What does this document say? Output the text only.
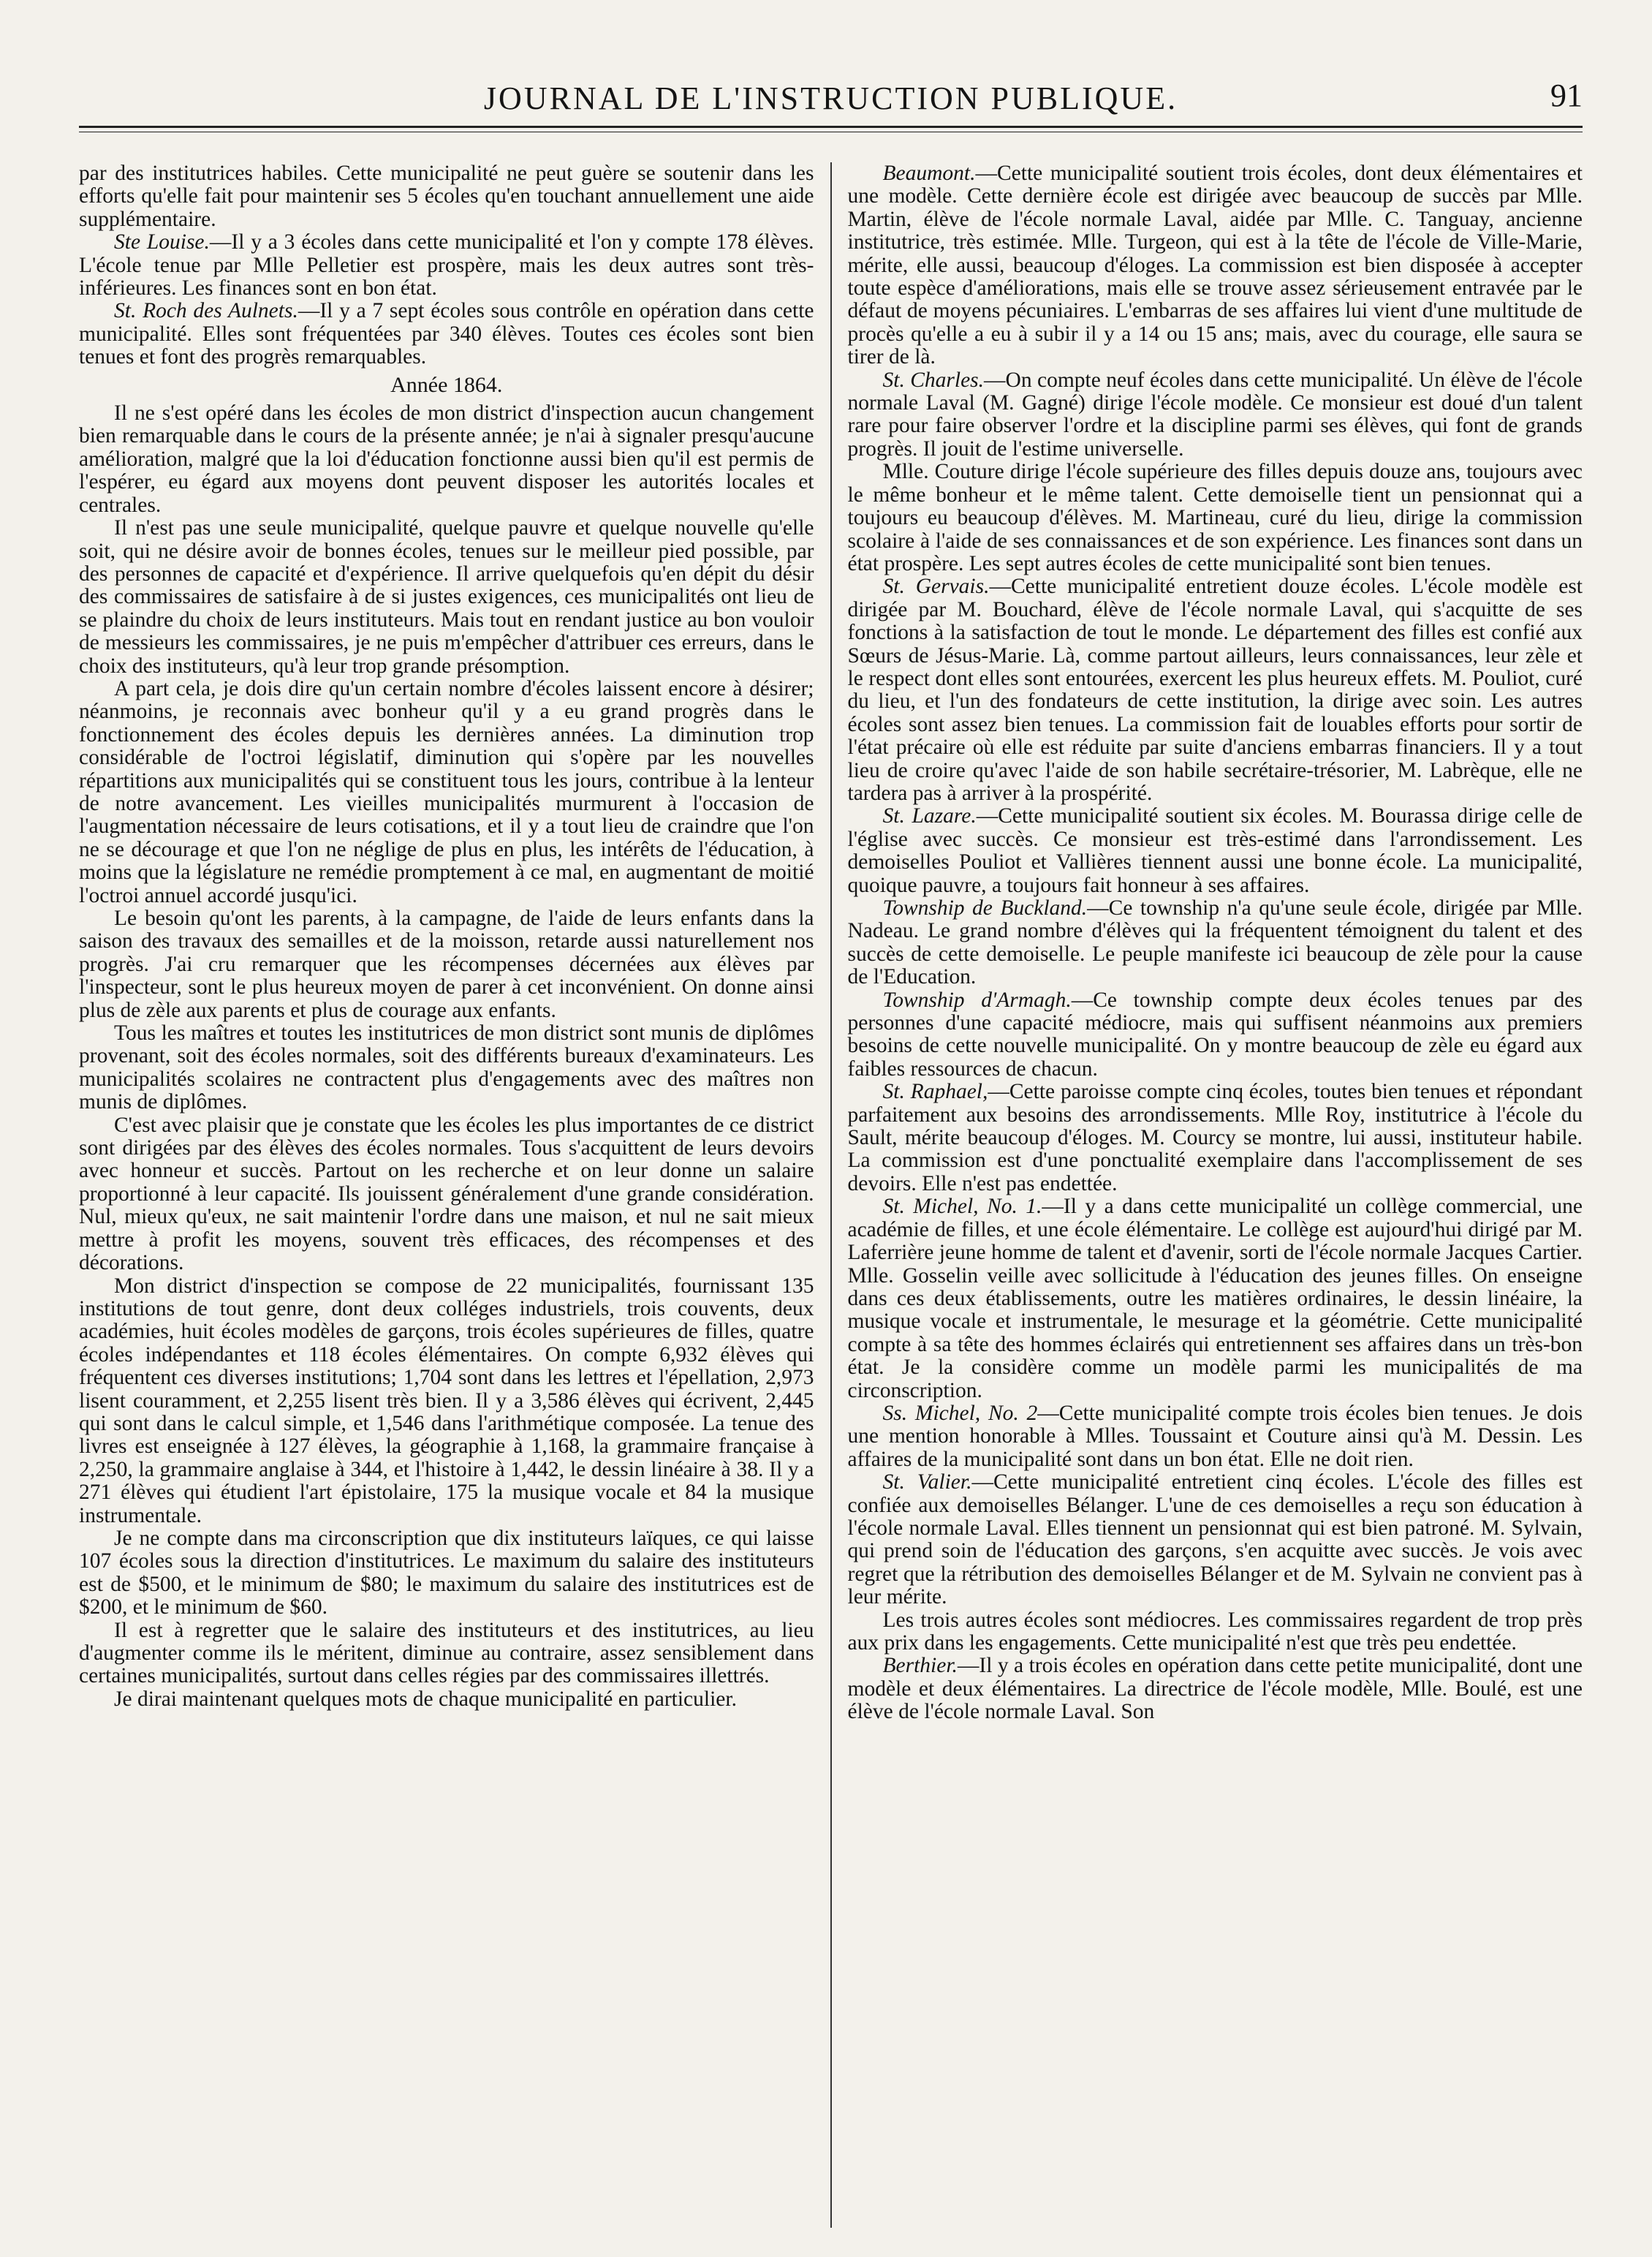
JOURNAL DE L'INSTRUCTION PUBLIQUE.	91

par des institutrices habiles. Cette municipalité ne peut guère se soutenir dans les efforts qu'elle fait pour maintenir ses 5 écoles qu'en touchant annuellement une aide supplémentaire.

Ste Louise.—Il y a 3 écoles dans cette municipalité et l'on y compte 178 élèves. L'école tenue par Mlle Pelletier est prospère, mais les deux autres sont très-inférieures. Les finances sont en bon état.

St. Roch des Aulnets.—Il y a 7 sept écoles sous contrôle en opération dans cette municipalité. Elles sont fréquentées par 340 élèves. Toutes ces écoles sont bien tenues et font des progrès remarquables.

Année 1864.

Il ne s'est opéré dans les écoles de mon district d'inspection aucun changement bien remarquable dans le cours de la présente année; je n'ai à signaler presqu'aucune amélioration, malgré que la loi d'éducation fonctionne aussi bien qu'il est permis de l'espérer, eu égard aux moyens dont peuvent disposer les autorités locales et centrales.

Il n'est pas une seule municipalité, quelque pauvre et quelque nouvelle qu'elle soit, qui ne désire avoir de bonnes écoles, tenues sur le meilleur pied possible, par des personnes de capacité et d'expérience. Il arrive quelquefois qu'en dépit du désir des commissaires de satisfaire à de si justes exigences, ces municipalités ont lieu de se plaindre du choix de leurs instituteurs. Mais tout en rendant justice au bon vouloir de messieurs les commissaires, je ne puis m'empêcher d'attribuer ces erreurs, dans le choix des instituteurs, qu'à leur trop grande présomption.

A part cela, je dois dire qu'un certain nombre d'écoles laissent encore à désirer; néanmoins, je reconnais avec bonheur qu'il y a eu grand progrès dans le fonctionnement des écoles depuis les dernières années. La diminution trop considérable de l'octroi législatif, diminution qui s'opère par les nouvelles répartitions aux municipalités qui se constituent tous les jours, contribue à la lenteur de notre avancement. Les vieilles municipalités murmurent à l'occasion de l'augmentation nécessaire de leurs cotisations, et il y a tout lieu de craindre que l'on ne se décourage et que l'on ne néglige de plus en plus, les intérêts de l'éducation, à moins que la législature ne remédie promptement à ce mal, en augmentant de moitié l'octroi annuel accordé jusqu'ici.

Le besoin qu'ont les parents, à la campagne, de l'aide de leurs enfants dans la saison des travaux des semailles et de la moisson, retarde aussi naturellement nos progrès. J'ai cru remarquer que les récompenses décernées aux élèves par l'inspecteur, sont le plus heureux moyen de parer à cet inconvénient. On donne ainsi plus de zèle aux parents et plus de courage aux enfants.

Tous les maîtres et toutes les institutrices de mon district sont munis de diplômes provenant, soit des écoles normales, soit des différents bureaux d'examinateurs. Les municipalités scolaires ne contractent plus d'engagements avec des maîtres non munis de diplômes.

C'est avec plaisir que je constate que les écoles les plus importantes de ce district sont dirigées par des élèves des écoles normales. Tous s'acquittent de leurs devoirs avec honneur et succès. Partout on les recherche et on leur donne un salaire proportionné à leur capacité. Ils jouissent généralement d'une grande considération. Nul, mieux qu'eux, ne sait maintenir l'ordre dans une maison, et nul ne sait mieux mettre à profit les moyens, souvent très efficaces, des récompenses et des décorations.

Mon district d'inspection se compose de 22 municipalités, fournissant 135 institutions de tout genre, dont deux colléges industriels, trois couvents, deux académies, huit écoles modèles de garçons, trois écoles supérieures de filles, quatre écoles indépendantes et 118 écoles élémentaires. On compte 6,932 élèves qui fréquentent ces diverses institutions; 1,704 sont dans les lettres et l'épellation, 2,973 lisent couramment, et 2,255 lisent très bien. Il y a 3,586 élèves qui écrivent, 2,445 qui sont dans le calcul simple, et 1,546 dans l'arithmétique composée. La tenue des livres est enseignée à 127 élèves, la géographie à 1,168, la grammaire française à 2,250, la grammaire anglaise à 344, et l'histoire à 1,442, le dessin linéaire à 38. Il y a 271 élèves qui étudient l'art épistolaire, 175 la musique vocale et 84 la musique instrumentale.

Je ne compte dans ma circonscription que dix instituteurs laïques, ce qui laisse 107 écoles sous la direction d'institutrices. Le maximum du salaire des instituteurs est de $500, et le minimum de $80; le maximum du salaire des institutrices est de $200, et le minimum de $60.

Il est à regretter que le salaire des instituteurs et des institutrices, au lieu d'augmenter comme ils le méritent, diminue au contraire, assez sensiblement dans certaines municipalités, surtout dans celles régies par des commissaires illettrés.

Je dirai maintenant quelques mots de chaque municipalité en particulier.

Beaumont.—Cette municipalité soutient trois écoles, dont deux élémentaires et une modèle. Cette dernière école est dirigée avec beaucoup de succès par Mlle. Martin, élève de l'école normale Laval, aidée par Mlle. C. Tanguay, ancienne institutrice, très estimée. Mlle. Turgeon, qui est à la tête de l'école de Ville-Marie, mérite, elle aussi, beaucoup d'éloges. La commission est bien disposée à accepter toute espèce d'améliorations, mais elle se trouve assez sérieusement entravée par le défaut de moyens pécuniaires. L'embarras de ses affaires lui vient d'une multitude de procès qu'elle a eu à subir il y a 14 ou 15 ans; mais, avec du courage, elle saura se tirer de là.

St. Charles.—On compte neuf écoles dans cette municipalité. Un élève de l'école normale Laval (M. Gagné) dirige l'école modèle. Ce monsieur est doué d'un talent rare pour faire observer l'ordre et la discipline parmi ses élèves, qui font de grands progrès. Il jouit de l'estime universelle.

Mlle. Couture dirige l'école supérieure des filles depuis douze ans, toujours avec le même bonheur et le même talent. Cette demoiselle tient un pensionnat qui a toujours eu beaucoup d'élèves. M. Martineau, curé du lieu, dirige la commission scolaire à l'aide de ses connaissances et de son expérience. Les finances sont dans un état prospère. Les sept autres écoles de cette municipalité sont bien tenues.

St. Gervais.—Cette municipalité entretient douze écoles. L'école modèle est dirigée par M. Bouchard, élève de l'école normale Laval, qui s'acquitte de ses fonctions à la satisfaction de tout le monde. Le département des filles est confié aux Sœurs de Jésus-Marie. Là, comme partout ailleurs, leurs connaissances, leur zèle et le respect dont elles sont entourées, exercent les plus heureux effets. M. Pouliot, curé du lieu, et l'un des fondateurs de cette institution, la dirige avec soin. Les autres écoles sont assez bien tenues. La commission fait de louables efforts pour sortir de l'état précaire où elle est réduite par suite d'anciens embarras financiers. Il y a tout lieu de croire qu'avec l'aide de son habile secrétaire-trésorier, M. Labrèque, elle ne tardera pas à arriver à la prospérité.

St. Lazare.—Cette municipalité soutient six écoles. M. Bourassa dirige celle de l'église avec succès. Ce monsieur est très-estimé dans l'arrondissement. Les demoiselles Pouliot et Vallières tiennent aussi une bonne école. La municipalité, quoique pauvre, a toujours fait honneur à ses affaires.

Township de Buckland.—Ce township n'a qu'une seule école, dirigée par Mlle. Nadeau. Le grand nombre d'élèves qui la fréquentent témoignent du talent et des succès de cette demoiselle. Le peuple manifeste ici beaucoup de zèle pour la cause de l'Education.

Township d'Armagh.—Ce township compte deux écoles tenues par des personnes d'une capacité médiocre, mais qui suffisent néanmoins aux premiers besoins de cette nouvelle municipalité. On y montre beaucoup de zèle eu égard aux faibles ressources de chacun.

St. Raphael,—Cette paroisse compte cinq écoles, toutes bien tenues et répondant parfaitement aux besoins des arrondissements. Mlle Roy, institutrice à l'école du Sault, mérite beaucoup d'éloges. M. Courcy se montre, lui aussi, instituteur habile. La commission est d'une ponctualité exemplaire dans l'accomplissement de ses devoirs. Elle n'est pas endettée.

St. Michel, No. 1.—Il y a dans cette municipalité un collège commercial, une académie de filles, et une école élémentaire. Le collège est aujourd'hui dirigé par M. Laferrière jeune homme de talent et d'avenir, sorti de l'école normale Jacques Cartier. Mlle. Gosselin veille avec sollicitude à l'éducation des jeunes filles. On enseigne dans ces deux établissements, outre les matières ordinaires, le dessin linéaire, la musique vocale et instrumentale, le mesurage et la géométrie. Cette municipalité compte à sa tête des hommes éclairés qui entretiennent ses affaires dans un très-bon état. Je la considère comme un modèle parmi les municipalités de ma circonscription.

Ss. Michel, No. 2—Cette municipalité compte trois écoles bien tenues. Je dois une mention honorable à Mlles. Toussaint et Couture ainsi qu'à M. Dessin. Les affaires de la municipalité sont dans un bon état. Elle ne doit rien.

St. Valier.—Cette municipalité entretient cinq écoles. L'école des filles est confiée aux demoiselles Bélanger. L'une de ces demoiselles a reçu son éducation à l'école normale Laval. Elles tiennent un pensionnat qui est bien patroné. M. Sylvain, qui prend soin de l'éducation des garçons, s'en acquitte avec succès. Je vois avec regret que la rétribution des demoiselles Bélanger et de M. Sylvain ne convient pas à leur mérite.

Les trois autres écoles sont médiocres. Les commissaires regardent de trop près aux prix dans les engagements. Cette municipalité n'est que très peu endettée.

Berthier.—Il y a trois écoles en opération dans cette petite municipalité, dont une modèle et deux élémentaires. La directrice de l'école modèle, Mlle. Boulé, est une élève de l'école normale Laval. Son
